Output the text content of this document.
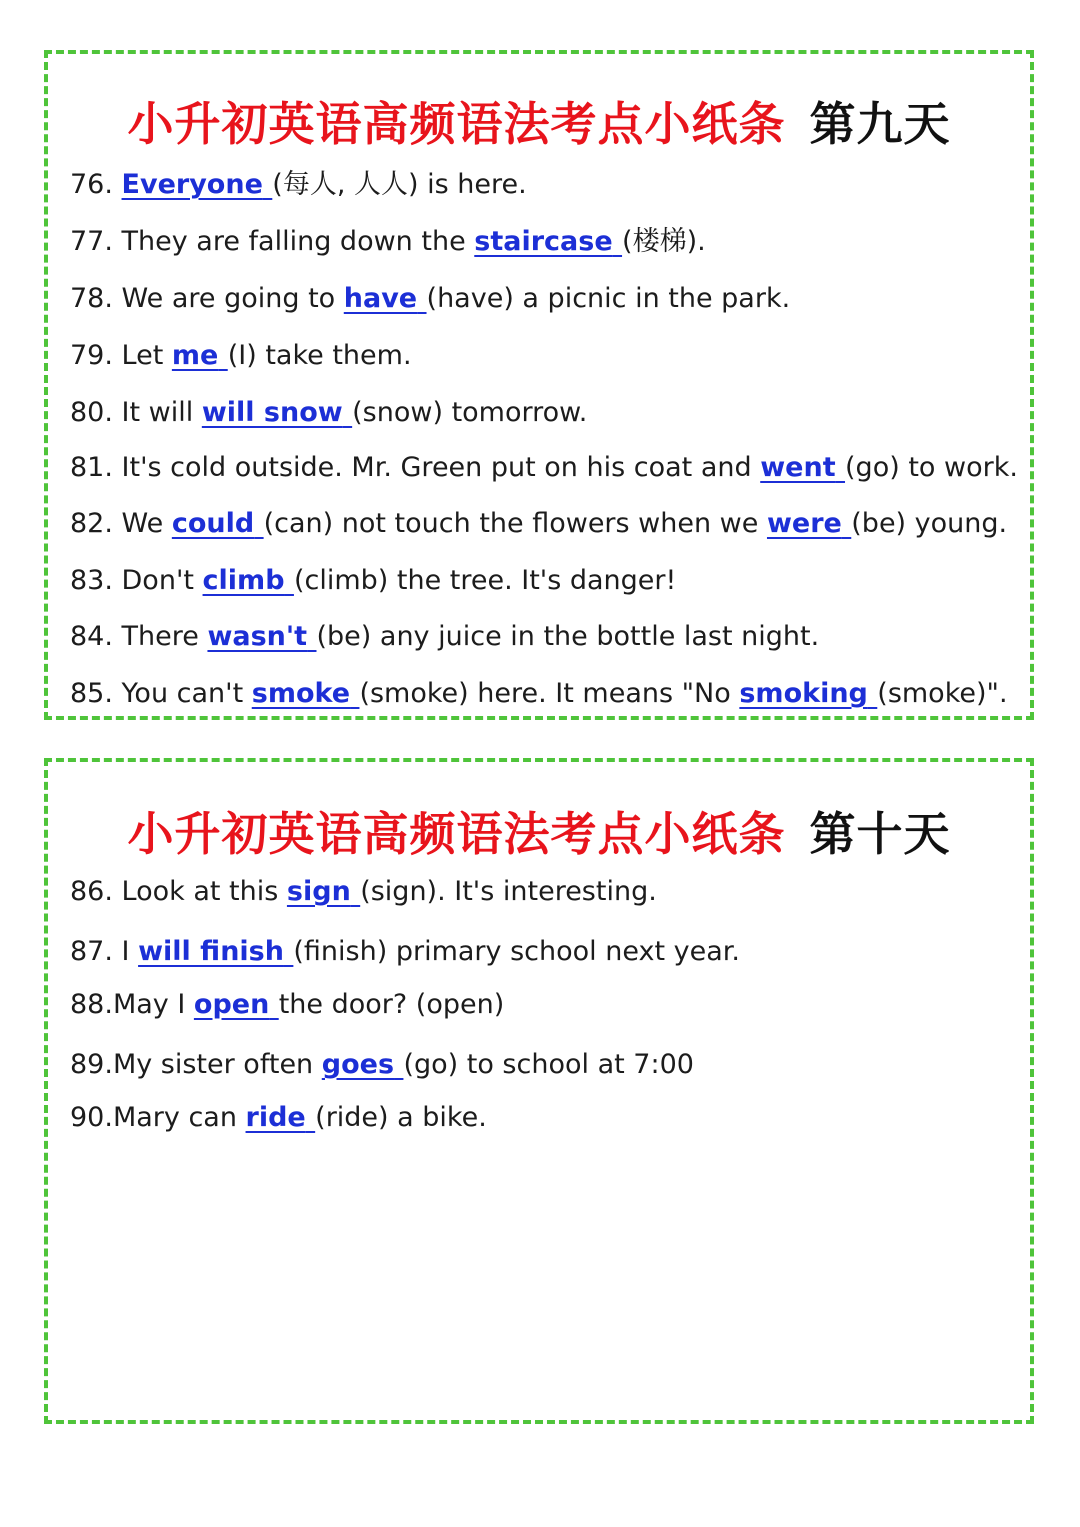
小升初英语高频语法考点小纸条 第九天
76. Everyone (每人, 人人) is here.
77. They are falling down the staircase (楼梯).
78. We are going to have (have) a picnic in the park.
79. Let me (I) take them.
80. It will will snow (snow) tomorrow.
81. It's cold outside. Mr. Green put on his coat and went (go) to work.
82. We could (can) not touch the flowers when we were (be) young.
83. Don't climb (climb) the tree. It's danger!
84. There wasn't (be) any juice in the bottle last night.
85. You can't smoke (smoke) here. It means "No smoking (smoke)".
小升初英语高频语法考点小纸条 第十天
86. Look at this sign (sign). It's interesting.
87. I will finish (finish) primary school next year.
88.May I open the door? (open)
89.My sister often goes (go) to school at 7:00
90.Mary can ride (ride) a bike.
